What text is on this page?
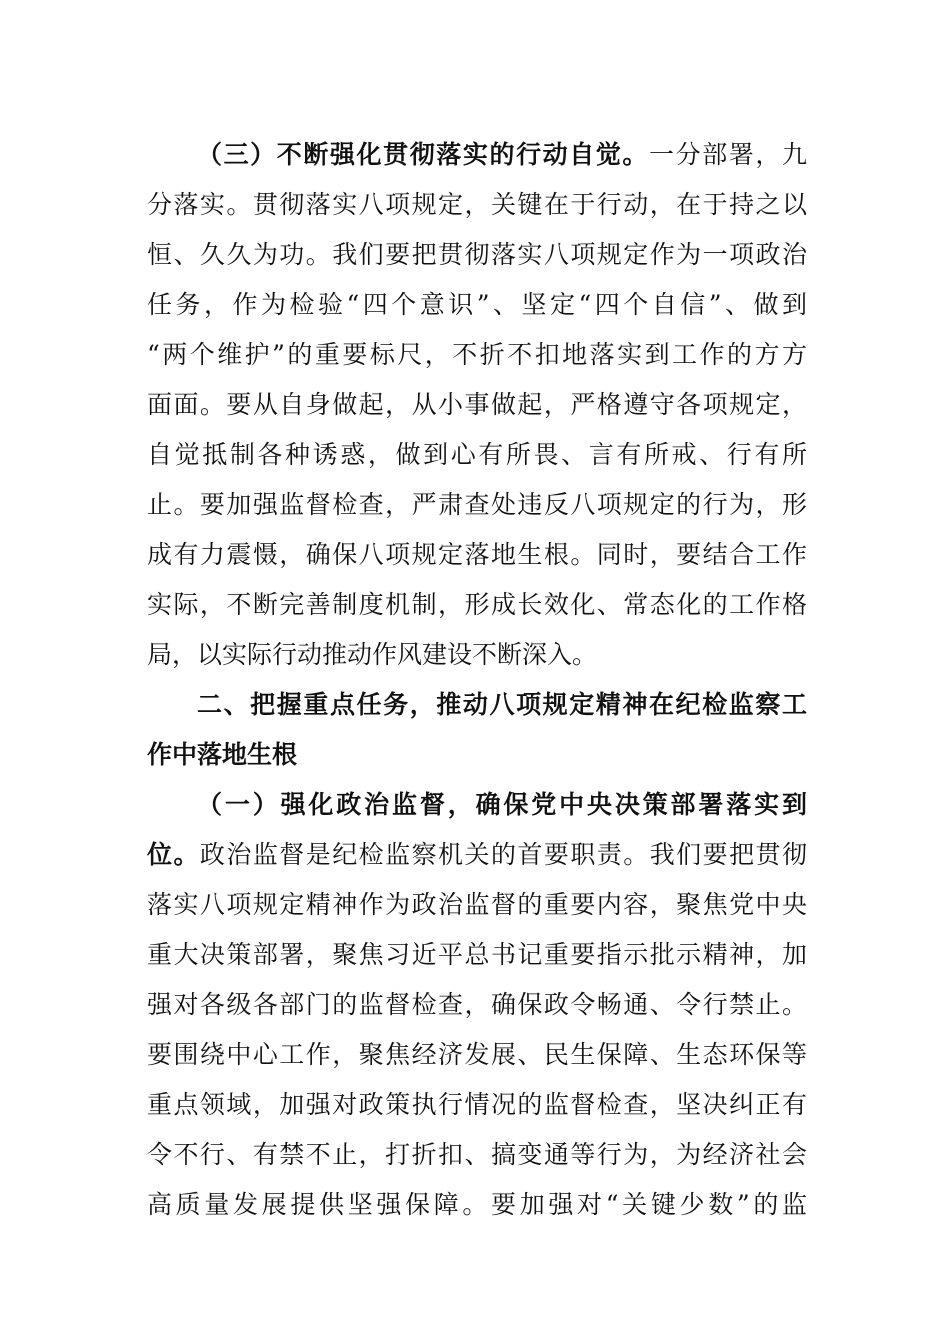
（三）不断强化贯彻落实的行动自觉。一分部署，九
分落实。贯彻落实八项规定，关键在于行动，在于持之以
恒、久久为功。我们要把贯彻落实八项规定作为一项政治
任务，作为检验“四个意识”、坚定“四个自信”、做到
“两个维护”的重要标尺，不折不扣地落实到工作的方方
面面。要从自身做起，从小事做起，严格遵守各项规定，
自觉抵制各种诱惑，做到心有所畏、言有所戒、行有所
止。要加强监督检查，严肃查处违反八项规定的行为，形
成有力震慑，确保八项规定落地生根。同时，要结合工作
实际，不断完善制度机制，形成长效化、常态化的工作格
局，以实际行动推动作风建设不断深入。
二、把握重点任务，推动八项规定精神在纪检监察工
作中落地生根
（一）强化政治监督，确保党中央决策部署落实到
位。政治监督是纪检监察机关的首要职责。我们要把贯彻
落实八项规定精神作为政治监督的重要内容，聚焦党中央
重大决策部署，聚焦习近平总书记重要指示批示精神，加
强对各级各部门的监督检查，确保政令畅通、令行禁止。
要围绕中心工作，聚焦经济发展、民生保障、生态环保等
重点领域，加强对政策执行情况的监督检查，坚决纠正有
令不行、有禁不止，打折扣、搞变通等行为，为经济社会
高质量发展提供坚强保障。要加强对“关键少数”的监
